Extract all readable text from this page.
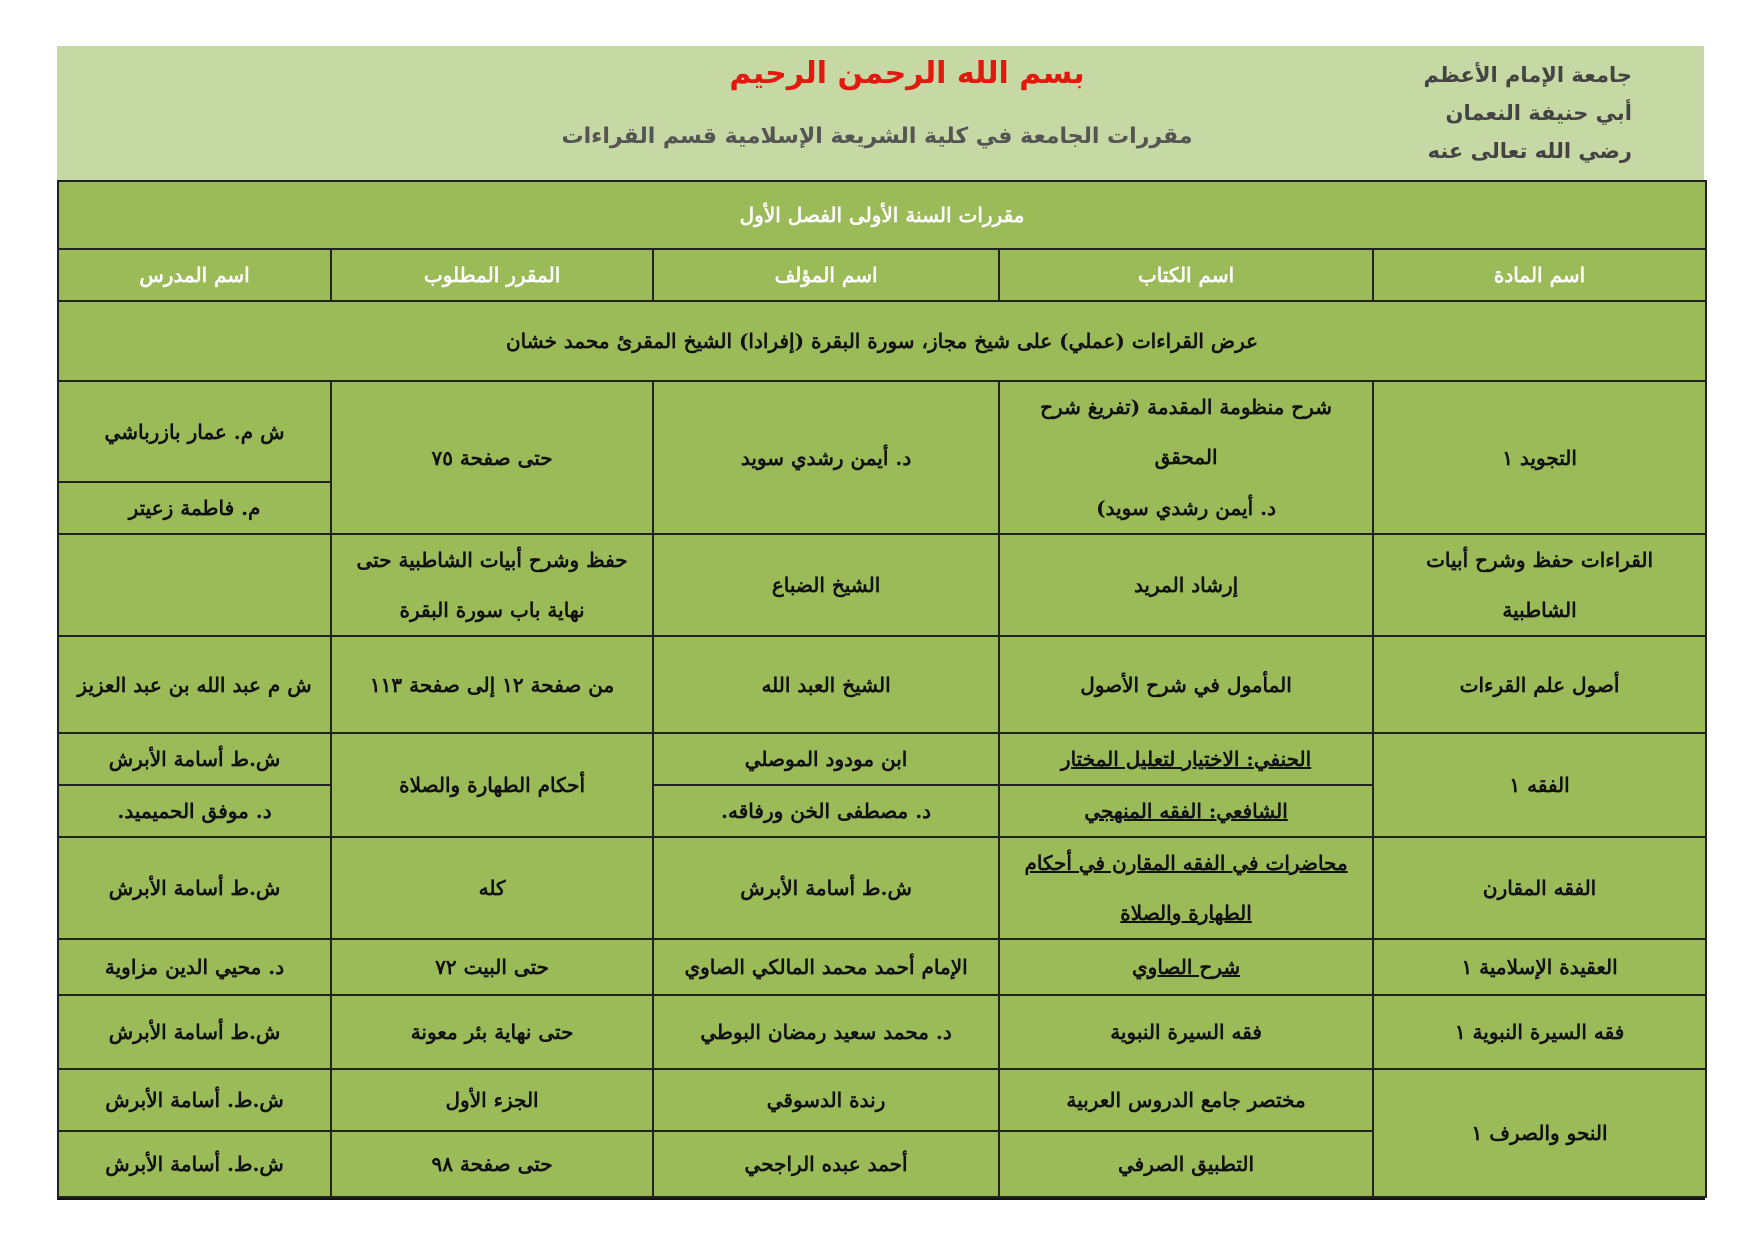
بسم الله الرحمن الرحيم
مقررات الجامعة في كلية الشريعة الإسلامية قسم القراءات
جامعة الإمام الأعظم
أبي حنيفة النعمان
رضي الله تعالى عنه
مقررات السنة الأولى الفصل الأول				
اسم المادة	اسم الكتاب	اسم المؤلف	المقرر المطلوب	اسم المدرس
عرض القراءات (عملي) على شيخ مجاز، سورة البقرة (إفرادا) الشيخ المقرئ محمد خشان				
التجويد ١	شرح منظومة المقدمة (تفريغ شرح المحقق	د. أيمن رشدي سويد	حتى صفحة ٧٥	ش م. عمار بازرباشي
	د. أيمن رشدي سويد)			م. فاطمة زعيتر
القراءات حفظ وشرح أبيات	إرشاد المريد	الشيخ الضباع	حفظ وشرح أبيات الشاطبية حتى	
الشاطبية			نهاية باب سورة البقرة	
أصول علم القرءات	المأمول في شرح الأصول	الشيخ العبد الله	من صفحة ١٢ إلى صفحة ١١٣	ش م عبد الله بن عبد العزيز
الفقه ١	الحنفي: الاختيار لتعليل المختار	ابن مودود الموصلي	أحكام الطهارة والصلاة	ش.ط أسامة الأبرش
	الشافعي: الفقه المنهجي	د. مصطفى الخن ورفاقه.		د. موفق الحميميد.
الفقه المقارن	محاضرات في الفقه المقارن في أحكام	ش.ط أسامة الأبرش	كله	ش.ط أسامة الأبرش
	الطهارة والصلاة			
العقيدة الإسلامية ١	شرح الصاوي	الإمام أحمد محمد المالكي الصاوي	حتى البيت ٧٢	د. محيي الدين مزاوية
فقه السيرة النبوية ١	فقه السيرة النبوية	د. محمد سعيد رمضان البوطي	حتى نهاية بئر معونة	ش.ط أسامة الأبرش
النحو والصرف ١	مختصر جامع الدروس العربية	رندة الدسوقي	الجزء الأول	ش.ط. أسامة الأبرش
	التطبيق الصرفي	أحمد عبده الراجحي	حتى صفحة ٩٨	ش.ط. أسامة الأبرش
